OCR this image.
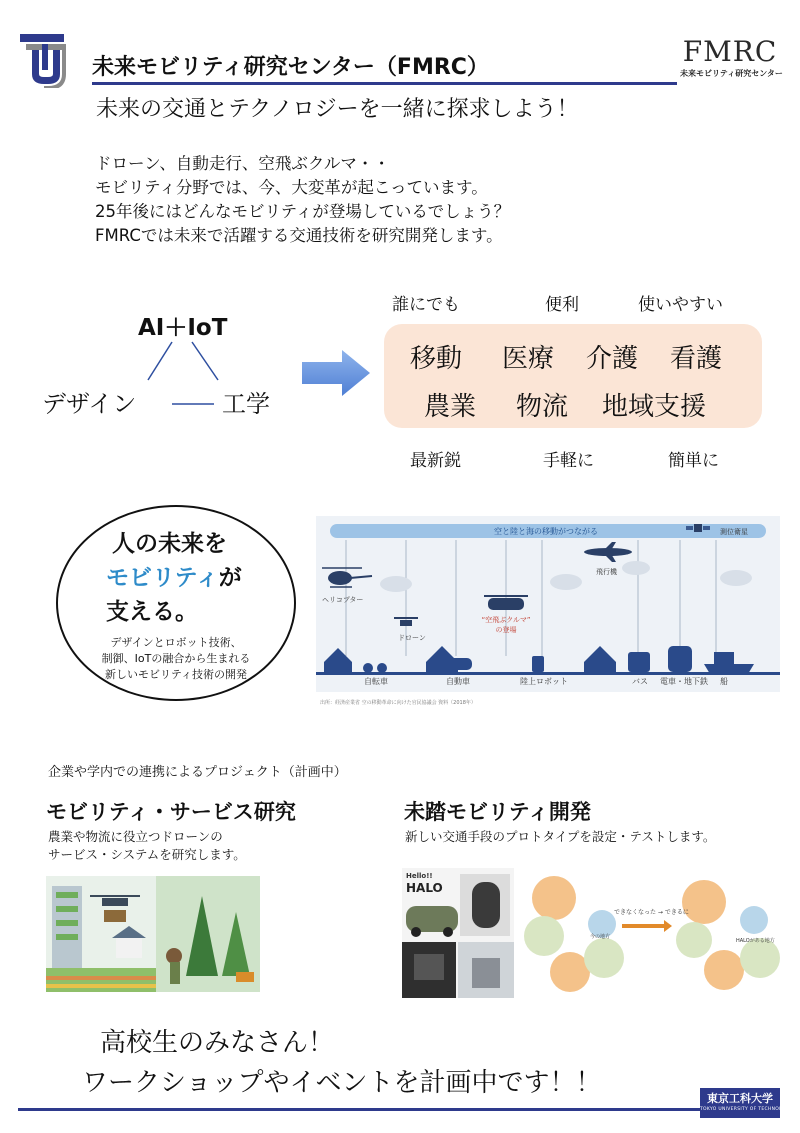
未来モビリティ研究センター（FMRC）	FMRC
未来モビリティ研究センター
未来の交通とテクノロジーを一緒に探求しよう！
ドローン、自動走行、空飛ぶクルマ・・
モビリティ分野では、今、大変革が起こっています。
25年後にはどんなモビリティが登場しているでしょう？
FMRCでは未来で活躍する交通技術を研究開発します。
AI＋IoT
デザイン	工学
誰にでも	便利	使いやすい
移動 医療 介護 看護
農業 物流 地域支援
最新鋭	手軽に	簡単に
人の未来を
モビリティが
支える。
デザインとロボット技術、
制御、IoTの融合から生まれる
新しいモビリティ技術の開発
空と陸と海の移動がつながる	測位衛星
ヘリコプター
ドローン
“空飛ぶクルマ”
の登場
飛行機
自転車	自動車	陸上ロボット	バス 電車・地下鉄 船
出所：経済産業省 空の移動革命に向けた官民協議会 資料（2018年）
企業や学内での連携によるプロジェクト（計画中）
モビリティ・サービス研究
農業や物流に役立つドローンの
サービス・システムを研究します。
未踏モビリティ開発
新しい交通手段のプロトタイプを設定・テストします。
Hello!!
HALO
できなくなった → できるに
今の地方
HALOがある地方
高校生のみなさん！
ワークショップやイベントを計画中です！！
東京工科大学
TOKYO UNIVERSITY OF TECHNOLOGY
